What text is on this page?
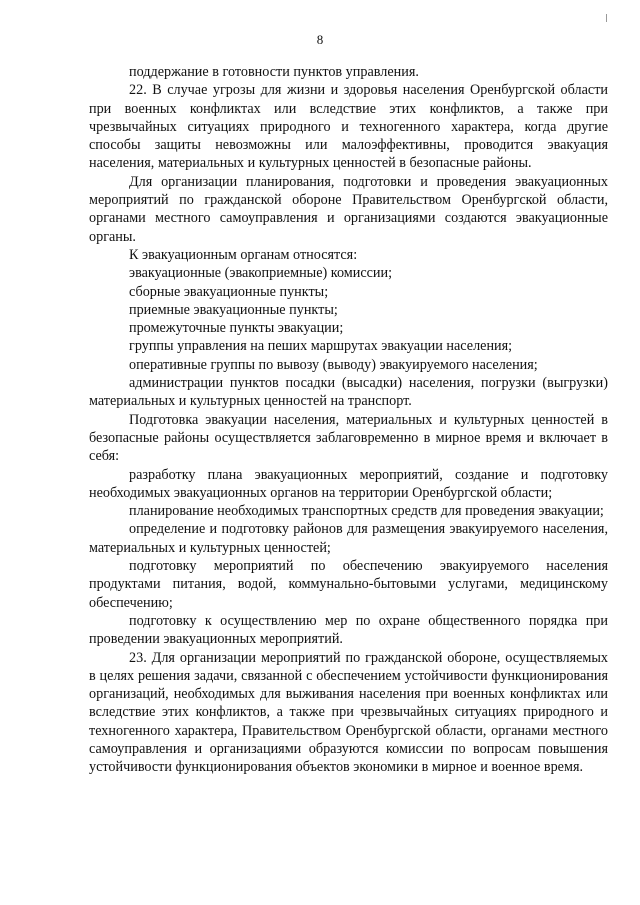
8

поддержание в готовности пунктов управления.

22. В случае угрозы для жизни и здоровья населения Оренбургской области при военных конфликтах или вследствие этих конфликтов, а также при чрезвычайных ситуациях природного и техногенного характера, когда другие способы защиты невозможны или малоэффективны, проводится эвакуация населения, материальных и культурных ценностей в безопасные районы.

Для организации планирования, подготовки и проведения эвакуационных мероприятий по гражданской обороне Правительством Оренбургской области, органами местного самоуправления и организациями создаются эвакуационные органы.

К эвакуационным органам относятся:

эвакуационные (эвакоприемные) комиссии;

сборные эвакуационные пункты;

приемные эвакуационные пункты;

промежуточные пункты эвакуации;

группы управления на пеших маршрутах эвакуации населения;

оперативные группы по вывозу (выводу) эвакуируемого населения;

администрации пунктов посадки (высадки) населения, погрузки (выгрузки) материальных и культурных ценностей на транспорт.

Подготовка эвакуации населения, материальных и культурных ценностей в безопасные районы осуществляется заблаговременно в мирное время и включает в себя:

разработку плана эвакуационных мероприятий, создание и подготовку необходимых эвакуационных органов на территории Оренбургской области;

планирование необходимых транспортных средств для проведения эвакуации;

определение и подготовку районов для размещения эвакуируемого населения, материальных и культурных ценностей;

подготовку мероприятий по обеспечению эвакуируемого населения продуктами питания, водой, коммунально-бытовыми услугами, медицинскому обеспечению;

подготовку к осуществлению мер по охране общественного порядка при проведении эвакуационных мероприятий.

23. Для организации мероприятий по гражданской обороне, осуществляемых в целях решения задачи, связанной с обеспечением устойчивости функционирования организаций, необходимых для выживания населения при военных конфликтах или вследствие этих конфликтов, а также при чрезвычайных ситуациях природного и техногенного характера, Правительством Оренбургской области, органами местного самоуправления и организациями образуются комиссии по вопросам повышения устойчивости функционирования объектов экономики в мирное и военное время.
